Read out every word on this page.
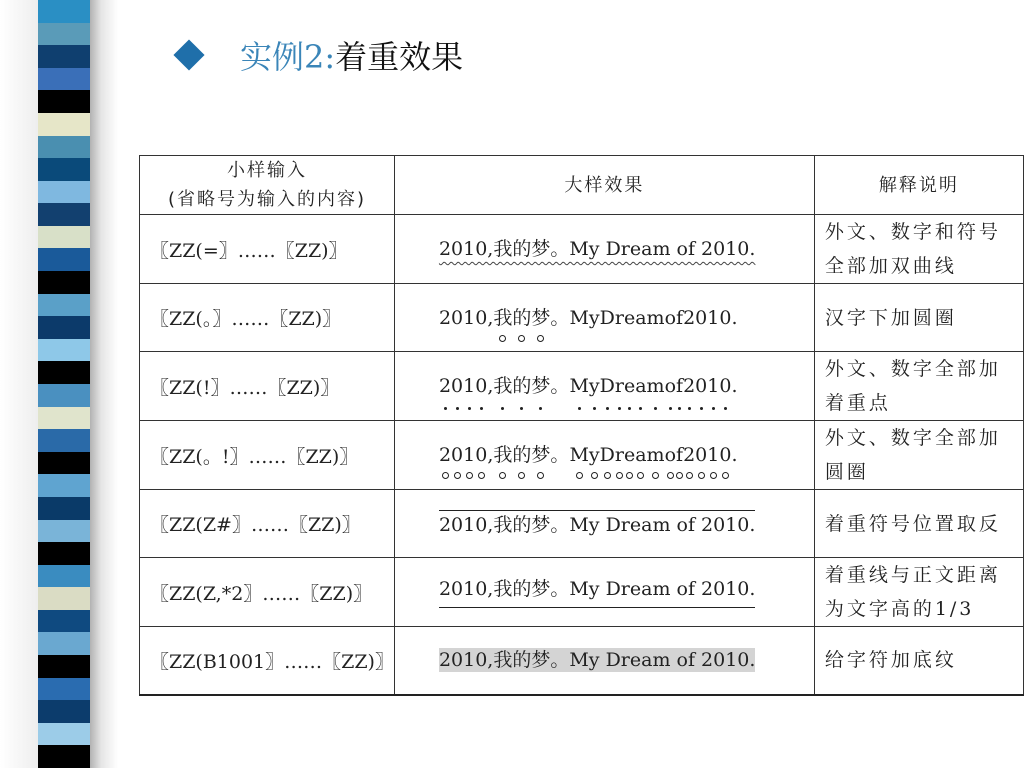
实例2: 着重效果
小样输入
(省略号为输入的内容)	大样效果	解释说明
〖ZZ(=〗……〖ZZ)〗	2010,我的梦。My Dream of 2010.	外文、数字和符号全部加双曲线
〖ZZ(。〗……〖ZZ)〗	2010,我的梦。MyDreamof2010.	汉字下加圆圈
〖ZZ(!〗……〖ZZ)〗	2010,我的梦。MyDreamof2010.	外文、数字全部加着重点
〖ZZ(。!〗……〖ZZ)〗	2010,我的梦。MyDreamof2010.	外文、数字全部加圆圈
〖ZZ(Z#〗……〖ZZ)〗	2010,我的梦。My Dream of 2010.	着重符号位置取反
〖ZZ(Z,*2〗……〖ZZ)〗	2010,我的梦。My Dream of 2010.	着重线与正文距离为文字高的1/3
〖ZZ(B1001〗……〖ZZ)〗	2010,我的梦。My Dream of 2010.	给字符加底纹
